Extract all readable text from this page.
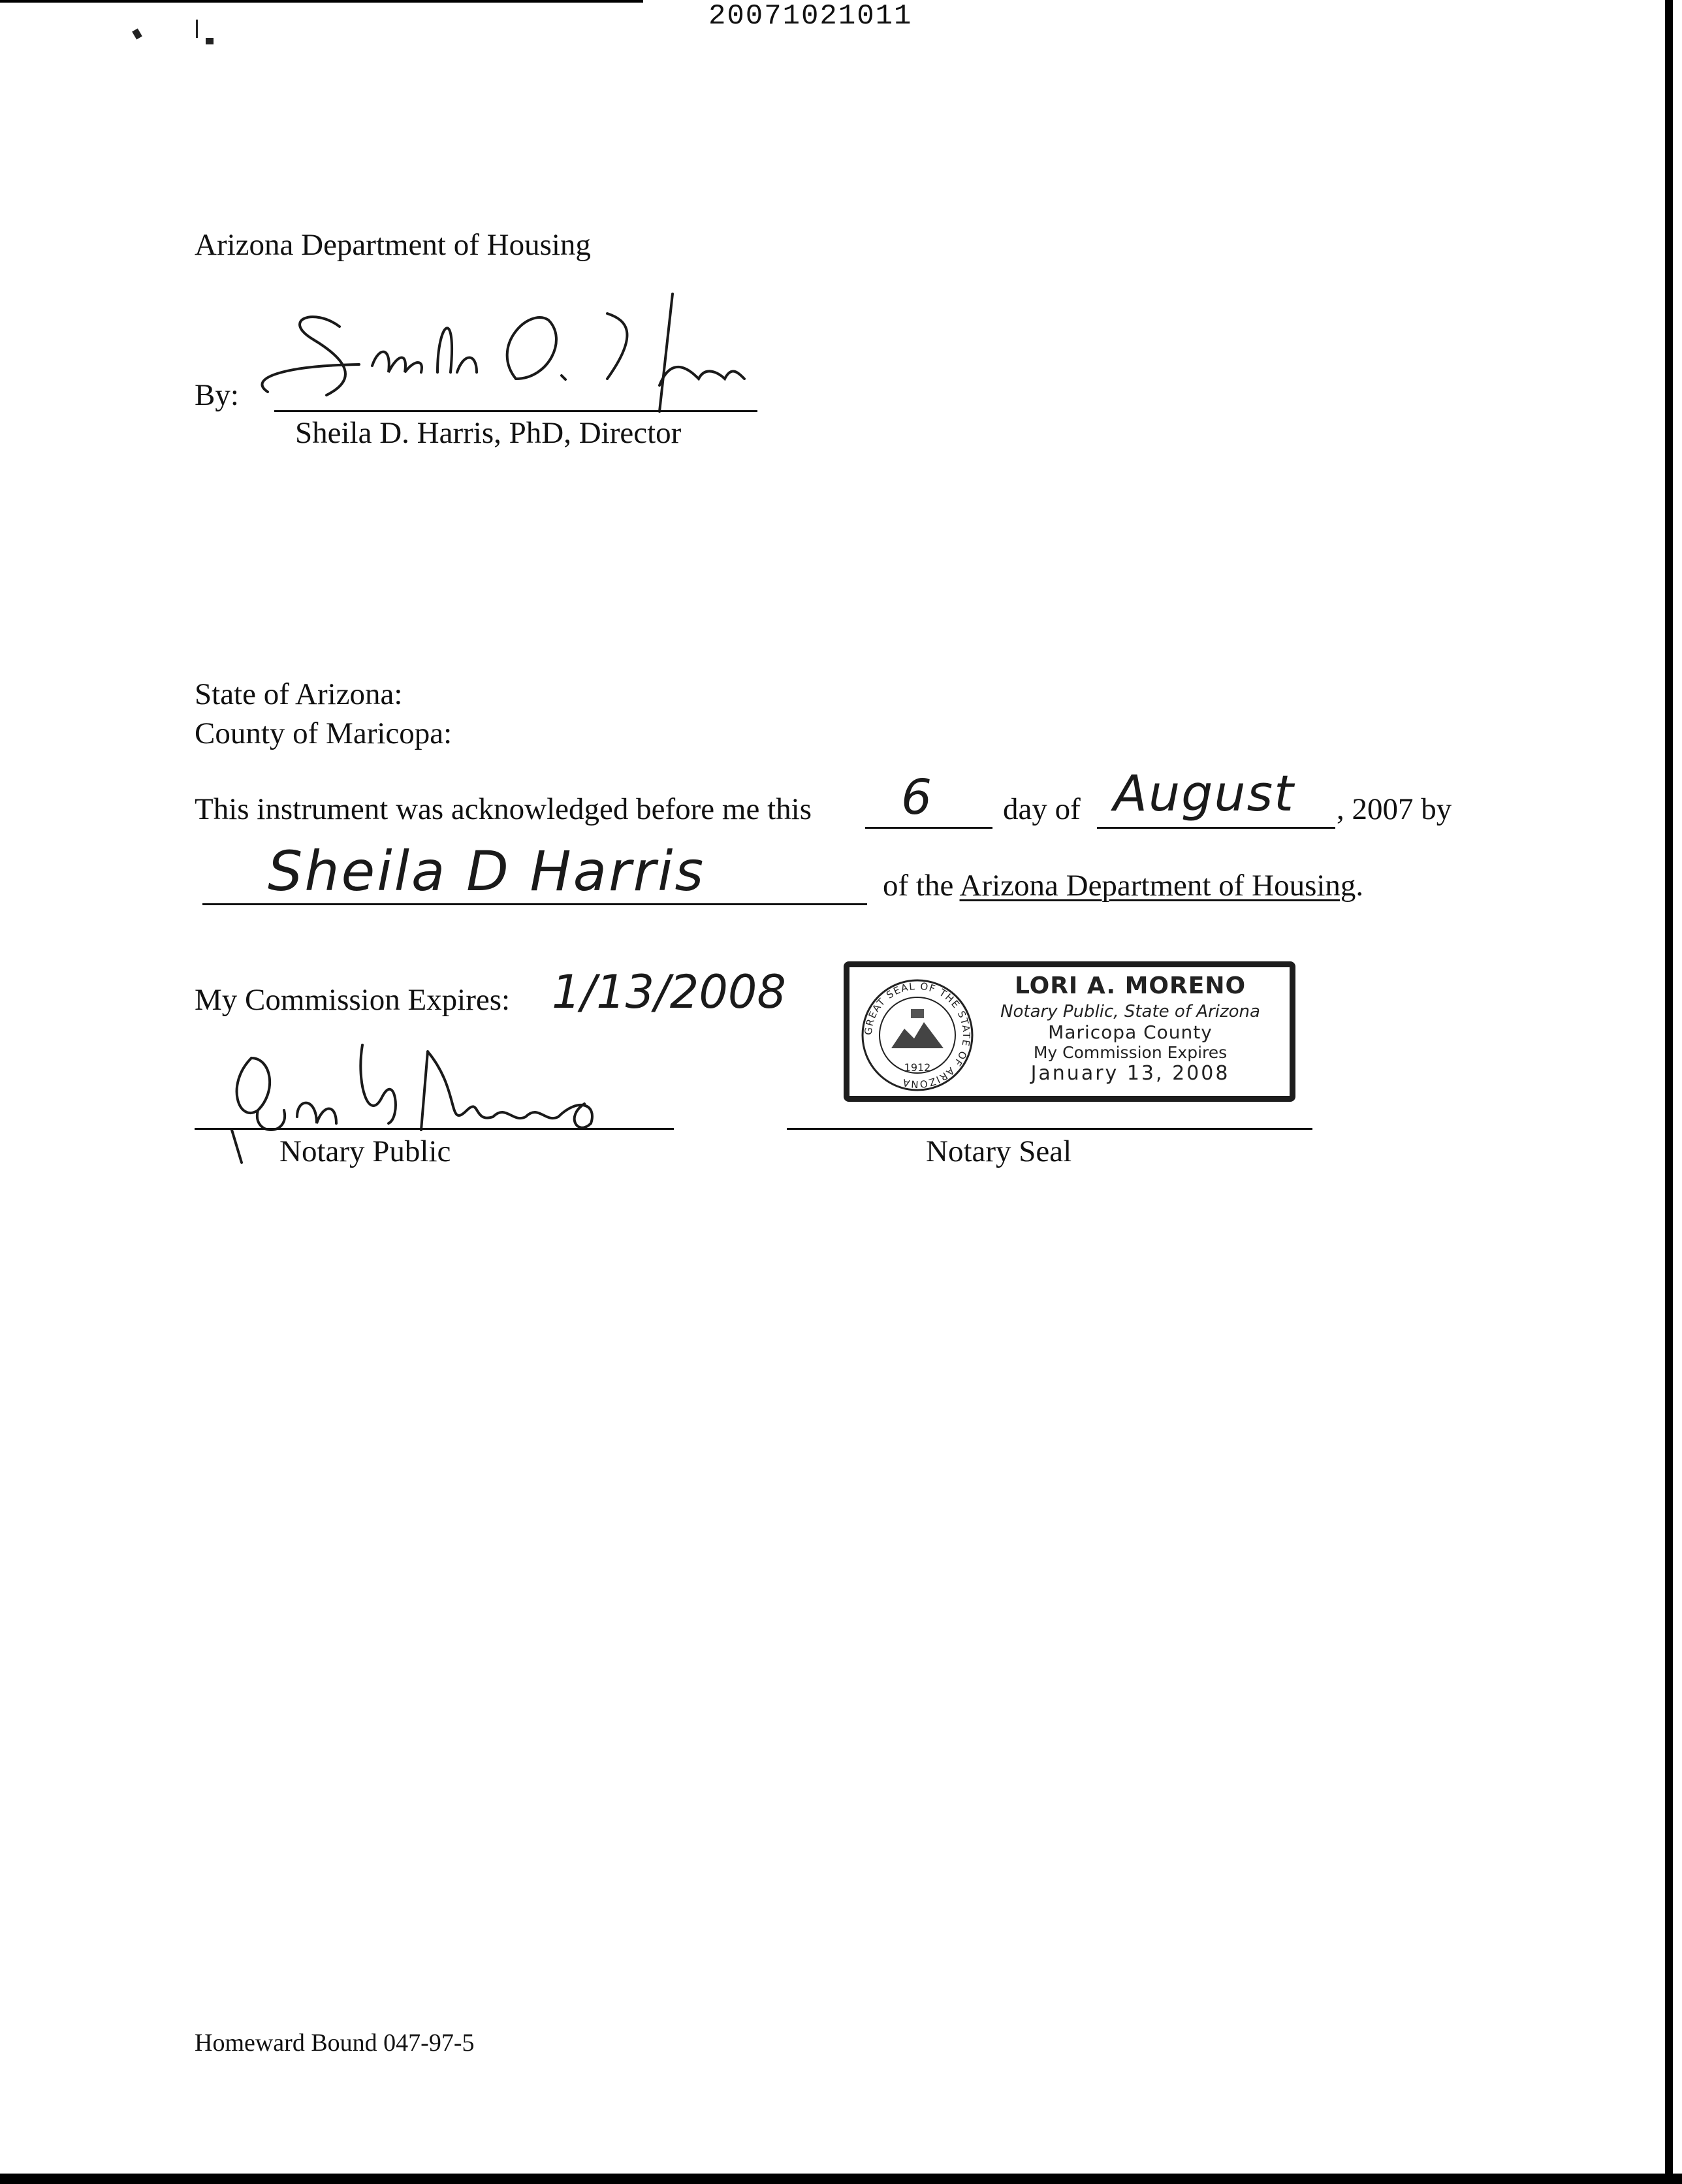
20071021011
Arizona Department of Housing
By:
Sheila D. Harris, PhD, Director
State of Arizona:
County of Maricopa:
This instrument was acknowledged before me this 6 day of August , 2007 by
Sheila D Harris	of the Arizona Department of Housing.
My Commission Expires: 1/13/2008
Notary Public
GREAT SEAL OF THE STATE OF ARIZONA
1912
LORI A. MORENO
Notary Public, State of Arizona
Maricopa County
My Commission Expires
January 13, 2008
Notary Seal
Homeward Bound 047-97-5
